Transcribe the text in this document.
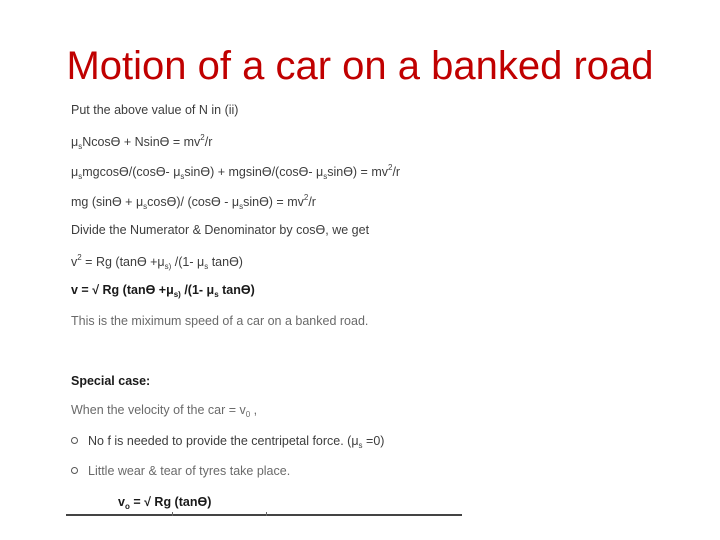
Motion of a car on a banked road
Put the above value of N in (ii)
$\mu_sNcosϴ + Nsinϴ = mv^2/r$
$\mu_smgcosϴ/(\cos ϴ-$ $\mu_s\sin ϴ) + mgsinϴ/(\cos ϴ-$ $\mu_s\sin ϴ) = mv^2/r$
mg $(\sin ϴ + \mu_s\cos ϴ)/$ $(\cos ϴ - \mu_s\sin ϴ) = mv^2/r$
Divide the Numerator & Denominator by cosϴ, we get
$v^2 = Rg$ ($\tan ϴ +\mu_{s)}$ /(1- $\mu_s$ tanϴ)
v = √ Rg ($\tan ϴ +\mu_{s)}$ /(1- $\mu_s$ tanϴ)
This is the miximum speed of a car on a banked road.
Special case:
When the velocity of the car = $v_0$ ,
No f is needed to provide the centripetal force. $(\mu_s =0)$
Little wear & tear of tyres take place.
$v_o$ = √ Rg (tanϴ)
